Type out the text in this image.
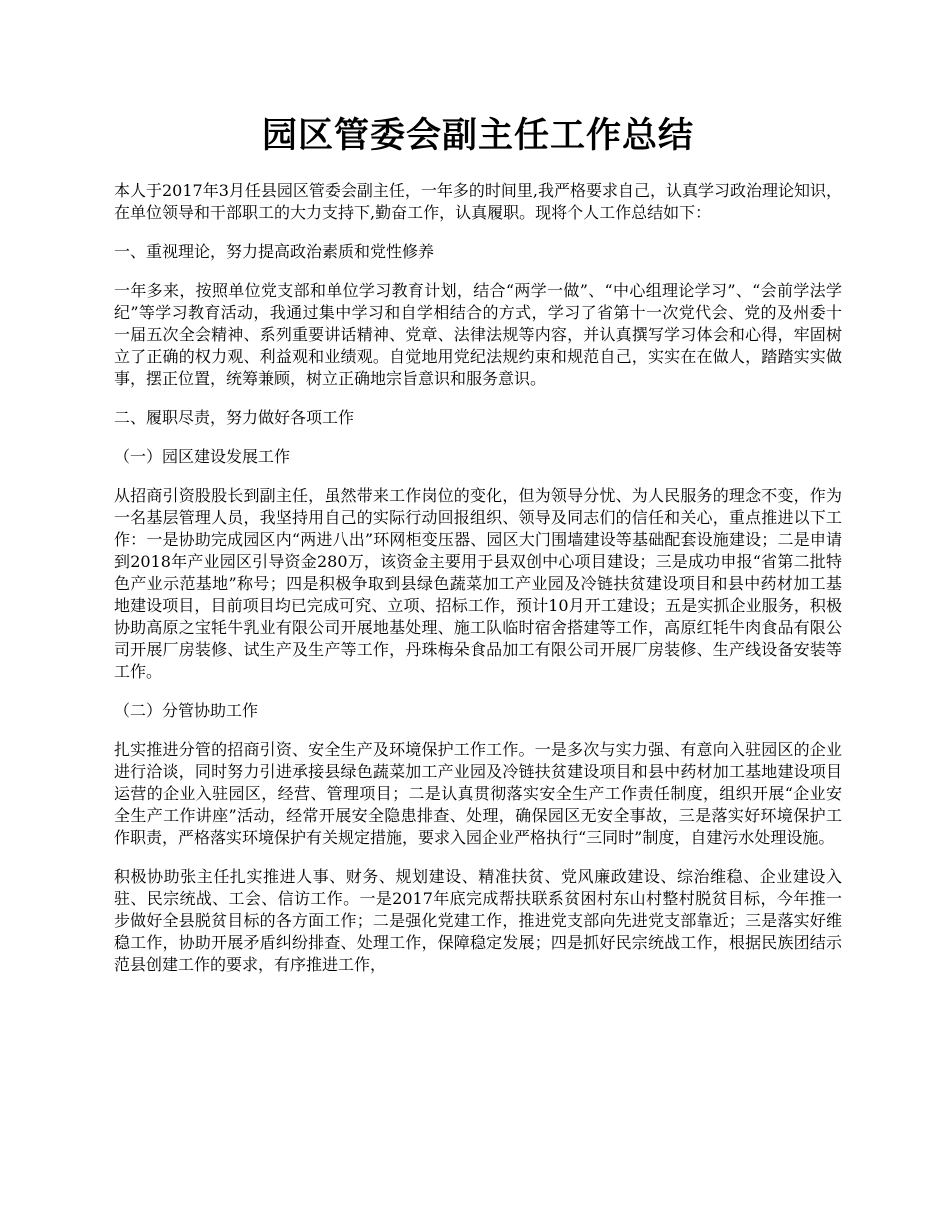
园区管委会副主任工作总结
本人于2017年3月任县园区管委会副主任，一年多的时间里,我严格要求自己，认真学习政治理论知识，在单位领导和干部职工的大力支持下,勤奋工作，认真履职。现将个人工作总结如下：
一、重视理论，努力提高政治素质和党性修养
一年多来，按照单位党支部和单位学习教育计划，结合“两学一做”、“中心组理论学习”、“会前学法学纪”等学习教育活动，我通过集中学习和自学相结合的方式，学习了省第十一次党代会、党的及州委十一届五次全会精神、系列重要讲话精神、党章、法律法规等内容，并认真撰写学习体会和心得，牢固树立了正确的权力观、利益观和业绩观。自觉地用党纪法规约束和规范自己，实实在在做人，踏踏实实做事，摆正位置，统筹兼顾，树立正确地宗旨意识和服务意识。
二、履职尽责，努力做好各项工作
（一）园区建设发展工作
从招商引资股股长到副主任，虽然带来工作岗位的变化，但为领导分忧、为人民服务的理念不变，作为一名基层管理人员，我坚持用自己的实际行动回报组织、领导及同志们的信任和关心，重点推进以下工作：一是协助完成园区内“两进八出”环网柜变压器、园区大门围墙建设等基础配套设施建设；二是申请到2018年产业园区引导资金280万，该资金主要用于县双创中心项目建设；三是成功申报“省第二批特色产业示范基地”称号；四是积极争取到县绿色蔬菜加工产业园及冷链扶贫建设项目和县中药材加工基地建设项目，目前项目均已完成可究、立项、招标工作，预计10月开工建设；五是实抓企业服务，积极协助高原之宝牦牛乳业有限公司开展地基处理、施工队临时宿舍搭建等工作，高原红牦牛肉食品有限公司开展厂房装修、试生产及生产等工作，丹珠梅朵食品加工有限公司开展厂房装修、生产线设备安装等工作。
（二）分管协助工作
扎实推进分管的招商引资、安全生产及环境保护工作工作。一是多次与实力强、有意向入驻园区的企业进行洽谈，同时努力引进承接县绿色蔬菜加工产业园及冷链扶贫建设项目和县中药材加工基地建设项目运营的企业入驻园区，经营、管理项目；二是认真贯彻落实安全生产工作责任制度，组织开展“企业安全生产工作讲座”活动，经常开展安全隐患排查、处理，确保园区无安全事故，三是落实好环境保护工作职责，严格落实环境保护有关规定措施，要求入园企业严格执行“三同时”制度，自建污水处理设施。
积极协助张主任扎实推进人事、财务、规划建设、精准扶贫、党风廉政建设、综治维稳、企业建设入驻、民宗统战、工会、信访工作。一是2017年底完成帮扶联系贫困村东山村整村脱贫目标，今年推一步做好全县脱贫目标的各方面工作；二是强化党建工作，推进党支部向先进党支部靠近；三是落实好维稳工作，协助开展矛盾纠纷排查、处理工作，保障稳定发展；四是抓好民宗统战工作，根据民族团结示范县创建工作的要求，有序推进工作，
